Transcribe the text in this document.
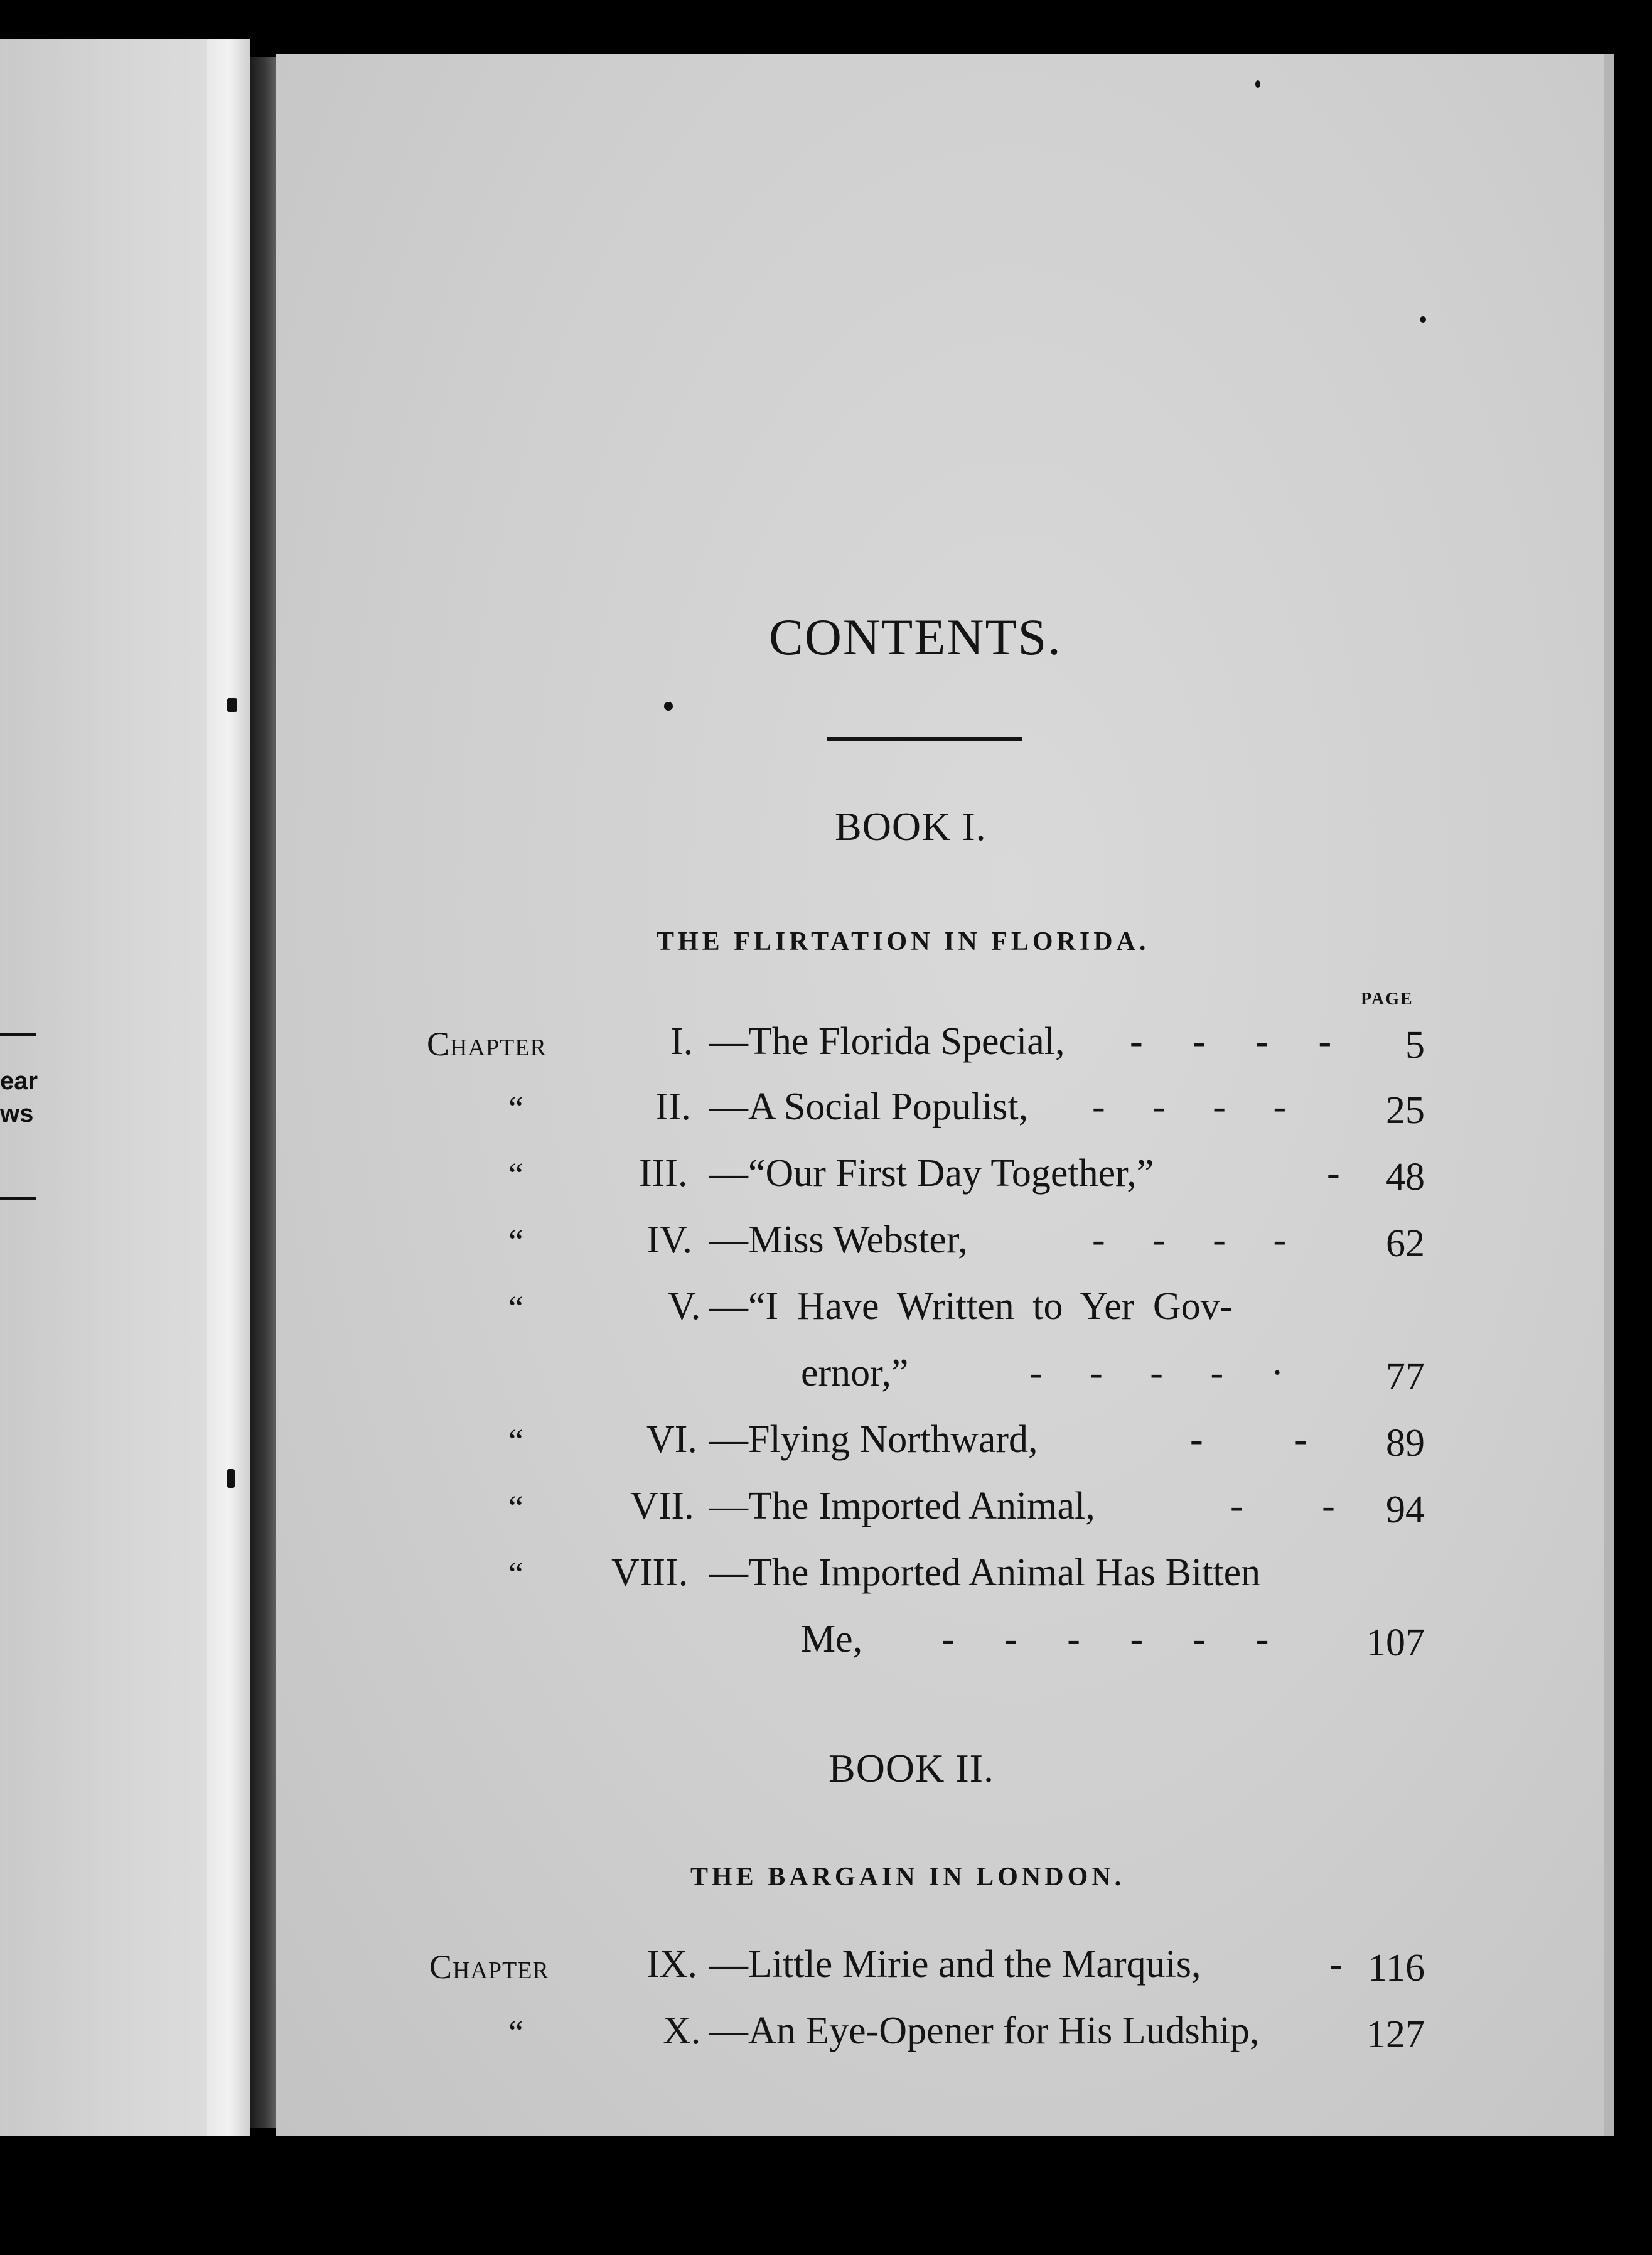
ear
ws
CONTENTS.
BOOK I.
THE FLIRTATION IN FLORIDA.
PAGE
Chapter	I. —The Florida Special, - - - -	5
“	II. —A Social Populist, - - - -	25
“	III. —“Our First Day Together,”	-	48
“	IV. —Miss Webster,	- - - -	62
“	V. —“I Have Written to Yer Gov-
ernor,”	- - - - ·	77
“	VI. —Flying Northward,	- -	89
“	VII. —The Imported Animal,	- -	94
“ VIII. —The Imported Animal Has Bitten
Me, - - - - - -	107
BOOK II.
THE BARGAIN IN LONDON.
Chapter	IX. —Little Mirie and the Marquis,	- 116
“	X. —An Eye-Opener for His Ludship,	127
